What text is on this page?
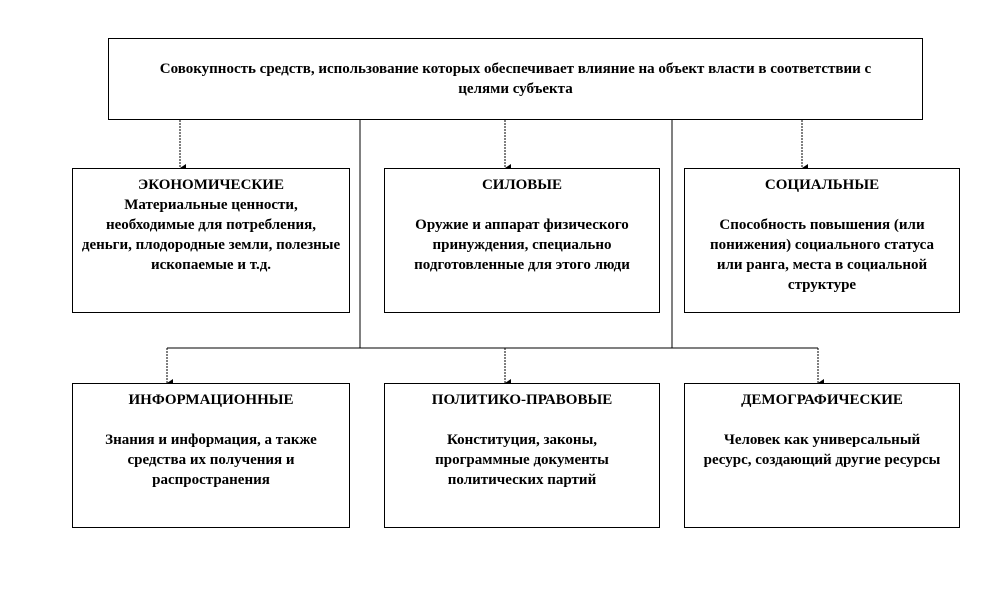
Совокупность средств, использование которых обеспечивает влияние на объект власти в соответствии с целями субъекта
ЭКОНОМИЧЕСКИЕ
Материальные ценности, необходимые для потребления, деньги, плодородные земли, полезные ископаемые и т.д.
СИЛОВЫЕ
Оружие и аппарат физического принуждения, специально подготовленные для этого люди
СОЦИАЛЬНЫЕ
Способность повышения (или понижения) социального статуса или ранга, места в социальной структуре
ИНФОРМАЦИОННЫЕ
Знания и информация, а также средства их получения и распространения
ПОЛИТИКО-ПРАВОВЫЕ
Конституция, законы, программные документы политических партий
ДЕМОГРАФИЧЕСКИЕ
Человек как универсальный ресурс, создающий другие ресурсы
